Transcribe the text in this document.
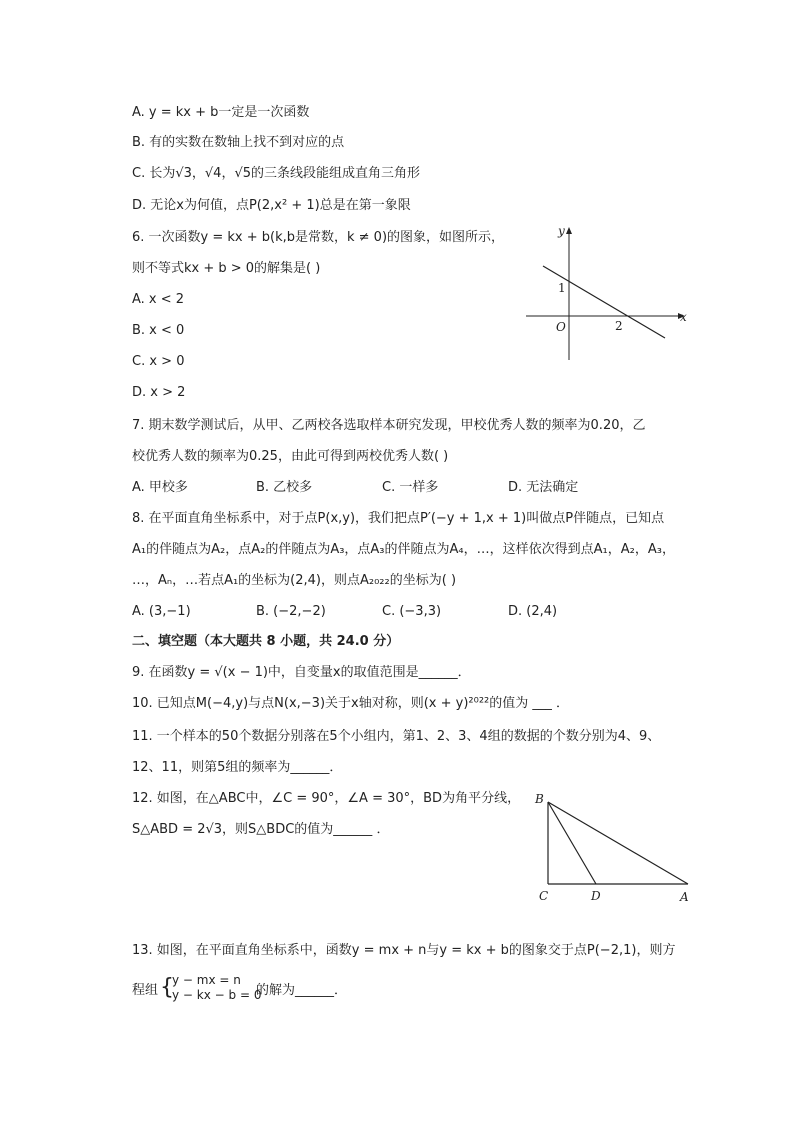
A. y = kx + b一定是一次函数
B. 有的实数在数轴上找不到对应的点
C. 长为√3，√4，√5的三条线段能组成直角三角形
D. 无论x为何值，点P(2,x² + 1)总是在第一象限
6. 一次函数y = kx + b(k,b是常数，k ≠ 0)的图象，如图所示，
则不等式kx + b > 0的解集是( )
A. x < 2
B. x < 0
C. x > 0
D. x > 2
y
x
O
1
2
7. 期末数学测试后，从甲、乙两校各选取样本研究发现，甲校优秀人数的频率为0.20，乙
校优秀人数的频率为0.25，由此可得到两校优秀人数( )
A. 甲校多	B. 乙校多	C. 一样多	D. 无法确定
8. 在平面直角坐标系中，对于点P(x,y)，我们把点P′(−y + 1,x + 1)叫做点P伴随点，已知点
A₁的伴随点为A₂，点A₂的伴随点为A₃，点A₃的伴随点为A₄，…，这样依次得到点A₁，A₂，A₃，
…，Aₙ，…若点A₁的坐标为(2,4)，则点A₂₀₂₂的坐标为( )
A. (3,−1)	B. (−2,−2)	C. (−3,3)	D. (2,4)
二、填空题（本大题共 8 小题，共 24.0 分）
9. 在函数y = √(x − 1)中，自变量x的取值范围是______．
10. 已知点M(−4,y)与点N(x,−3)关于x轴对称，则(x + y)²⁰²²的值为 ___ ．
11. 一个样本的50个数据分别落在5个小组内，第1、2、3、4组的数据的个数分别为4、9、
12、11，则第5组的频率为______．
12. 如图，在△ABC中，∠C = 90°，∠A = 30°，BD为角平分线，
S△ABD = 2√3，则S△BDC的值为______ ．
B
C	D	A
13. 如图，在平面直角坐标系中，函数y = mx + n与y = kx + b的图象交于点P(−2,1)，则方
程组 {
y − mx = n
y − kx − b = 0
的解为______．
